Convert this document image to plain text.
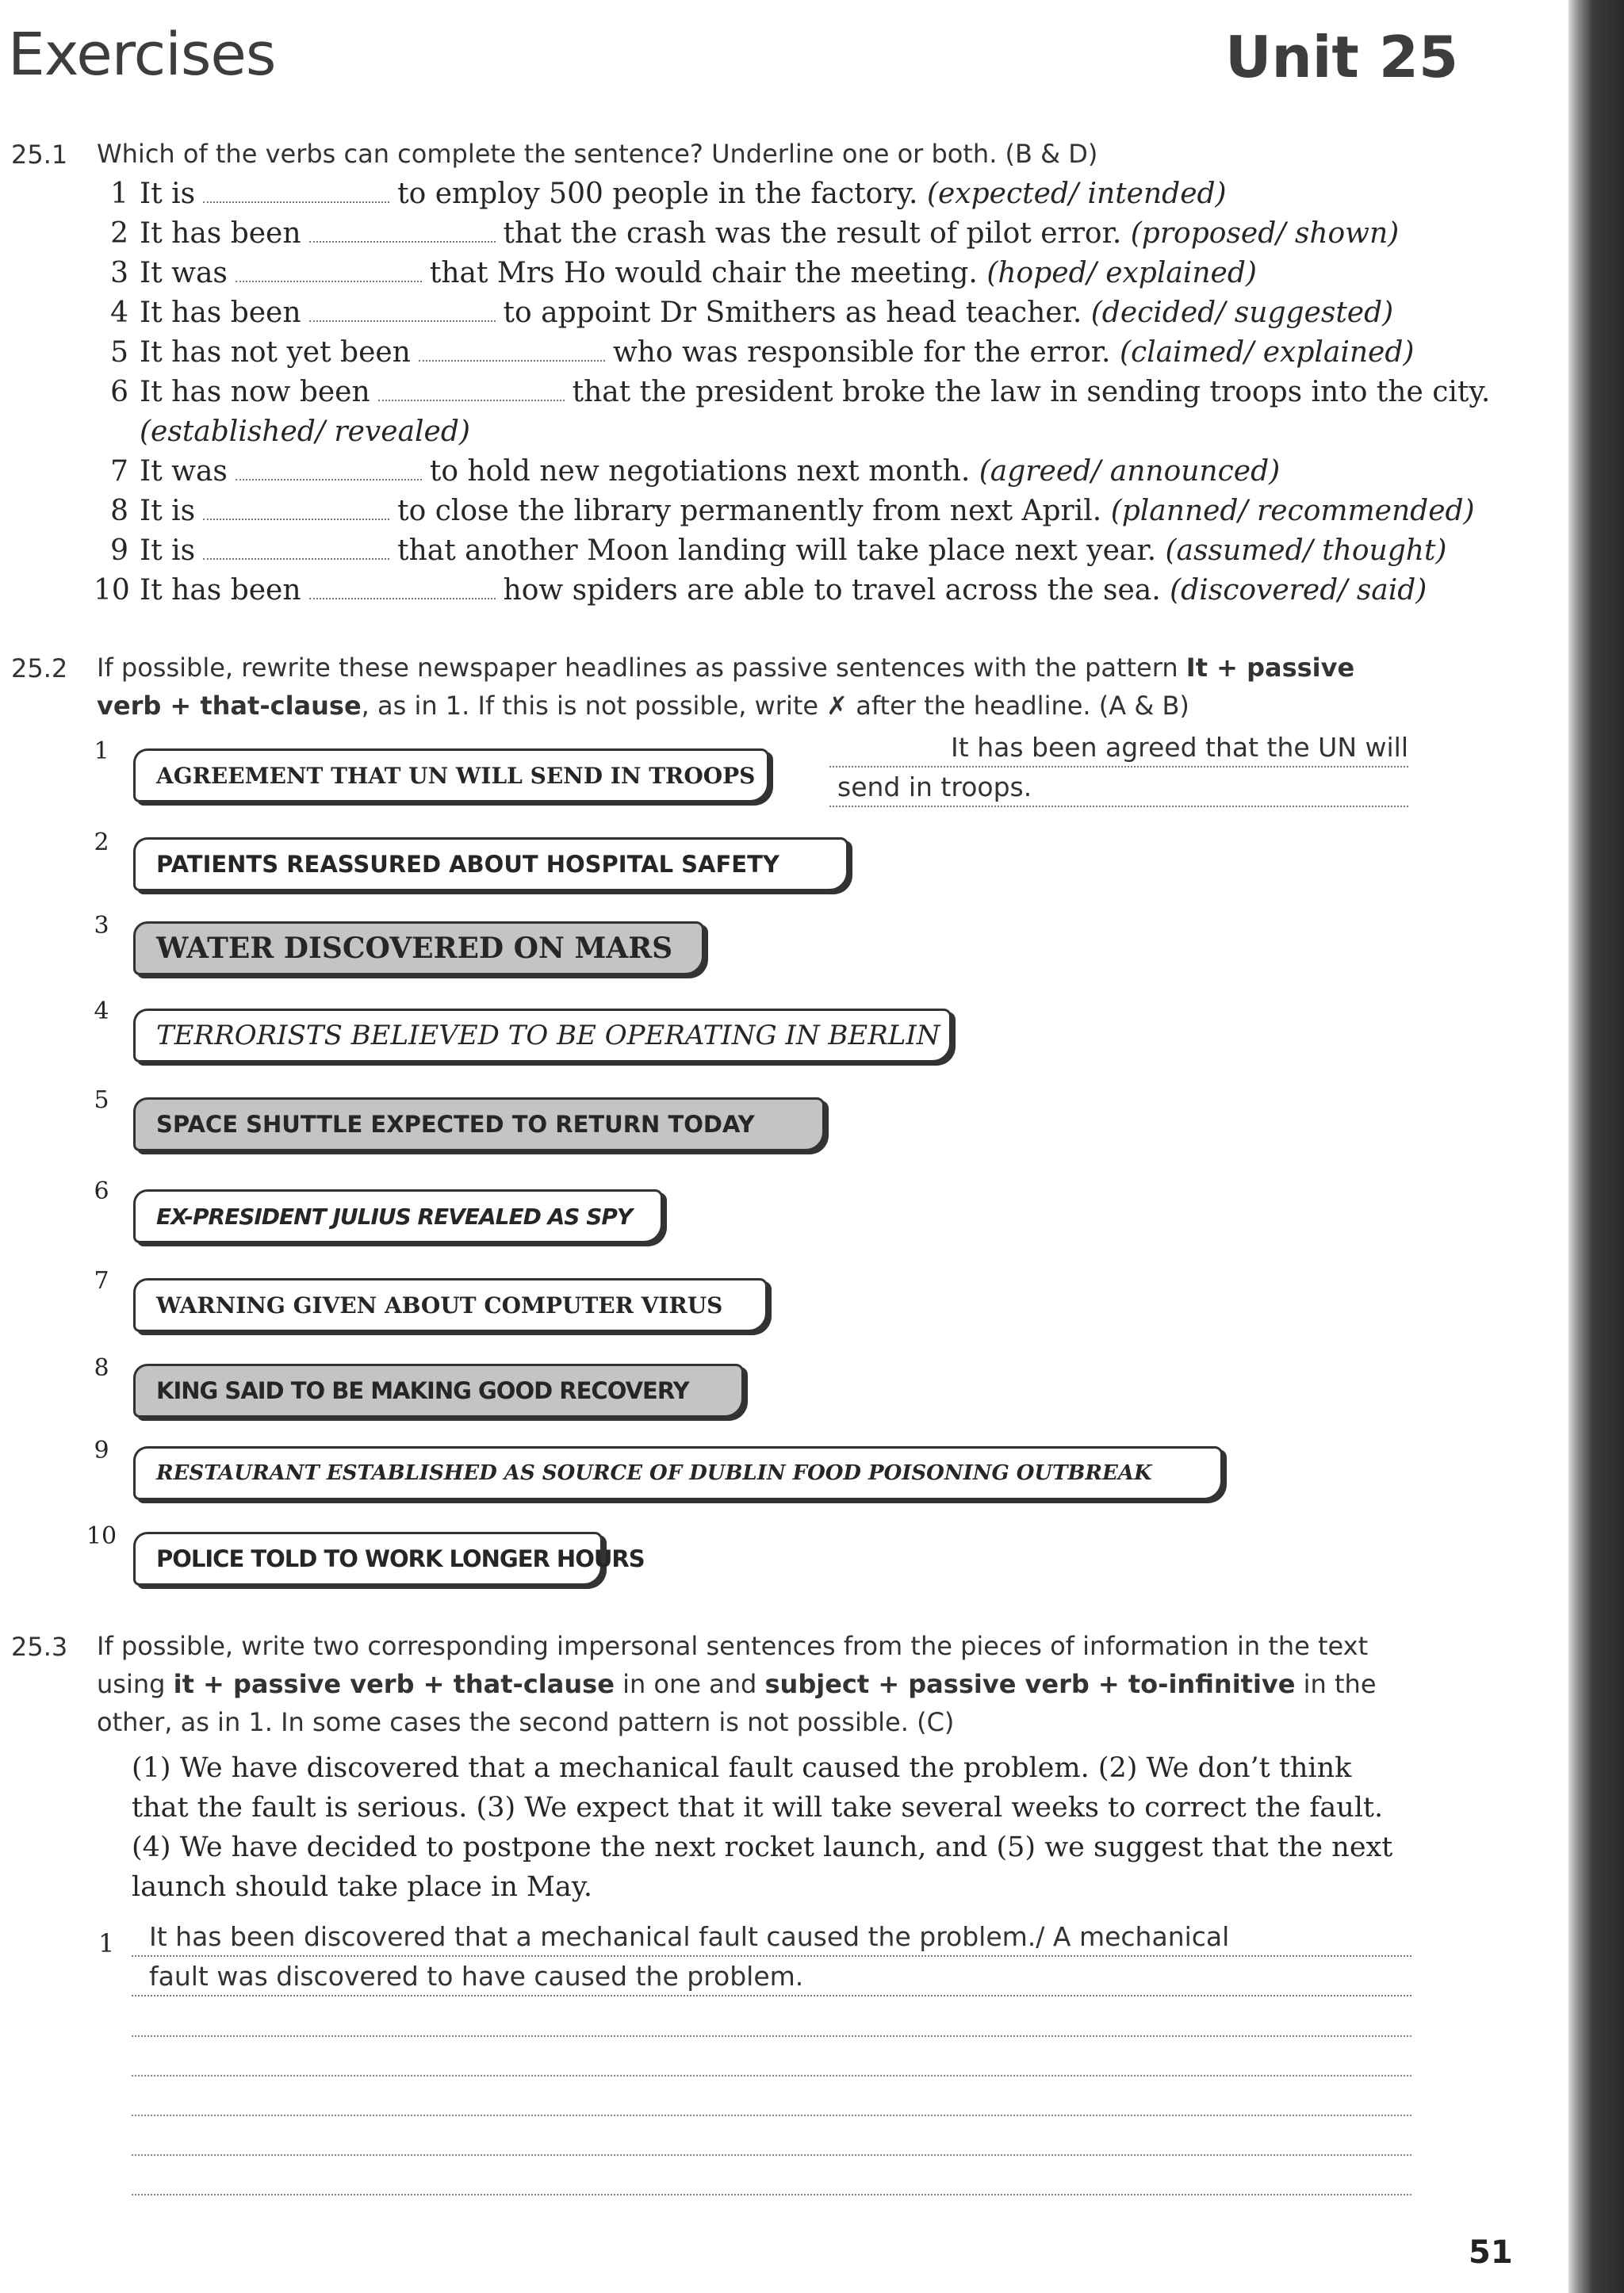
Exercises	Unit 25
25.1 Which of the verbs can complete the sentence? Underline one or both. (B & D)
1 It is	to employ 500 people in the factory. (expected/ intended)
2 It has been	that the crash was the result of pilot error. (proposed/ shown)
3 It was	that Mrs Ho would chair the meeting. (hoped/ explained)
4 It has been	to appoint Dr Smithers as head teacher. (decided/ suggested)
5 It has not yet been	who was responsible for the error. (claimed/ explained)
6 It has now been	that the president broke the law in sending troops into the city.
(established/ revealed)
7 It was	to hold new negotiations next month. (agreed/ announced)
8 It is	to close the library permanently from next April. (planned/ recommended)
9 It is	that another Moon landing will take place next year. (assumed/ thought)
10 It has been	how spiders are able to travel across the sea. (discovered/ said)
25.2 If possible, rewrite these newspaper headlines as passive sentences with the pattern It + passive verb + that-clause, as in 1. If this is not possible, write ✗ after the headline. (A & B)
1
2
3
4
5
6
7
8
9
10
AGREEMENT THAT UN WILL SEND IN TROOPS
PATIENTS REASSURED ABOUT HOSPITAL SAFETY
WATER DISCOVERED ON MARS
TERRORISTS BELIEVED TO BE OPERATING IN BERLIN
SPACE SHUTTLE EXPECTED TO RETURN TODAY
EX-PRESIDENT JULIUS REVEALED AS SPY
WARNING GIVEN ABOUT COMPUTER VIRUS
KING SAID TO BE MAKING GOOD RECOVERY
RESTAURANT ESTABLISHED AS SOURCE OF DUBLIN FOOD POISONING OUTBREAK
POLICE TOLD TO WORK LONGER HOURS
It has been agreed that the UN will
send in troops.
25.3 If possible, write two corresponding impersonal sentences from the pieces of information in the text using it + passive verb + that-clause in one and subject + passive verb + to-infinitive in the other, as in 1. In some cases the second pattern is not possible. (C)
(1) We have discovered that a mechanical fault caused the problem. (2) We don’t think that the fault is serious. (3) We expect that it will take several weeks to correct the fault. (4) We have decided to postpone the next rocket launch, and (5) we suggest that the next launch should take place in May.
1	It has been discovered that a mechanical fault caused the problem./ A mechanical
fault was discovered to have caused the problem.
51
